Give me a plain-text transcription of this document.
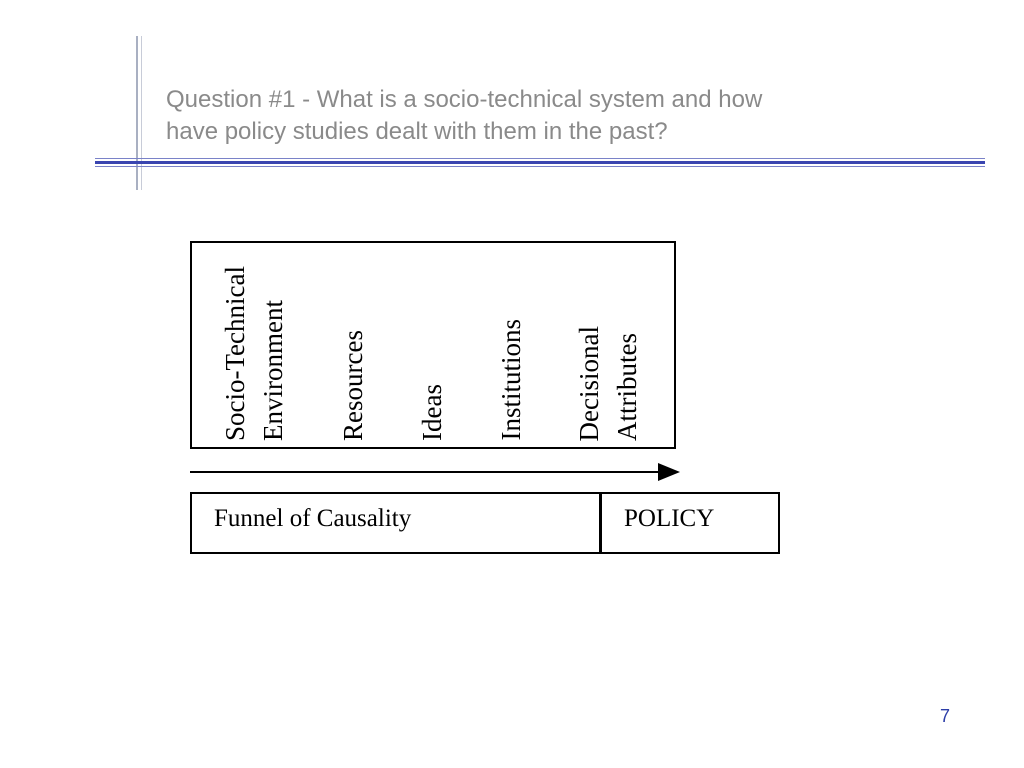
Question #1 - What is a socio-technical system and how
have policy studies dealt with them in the past?
Socio-Technical Environment Resources Ideas Institutions Decisional Attributes
Funnel of Causality	POLICY
7
